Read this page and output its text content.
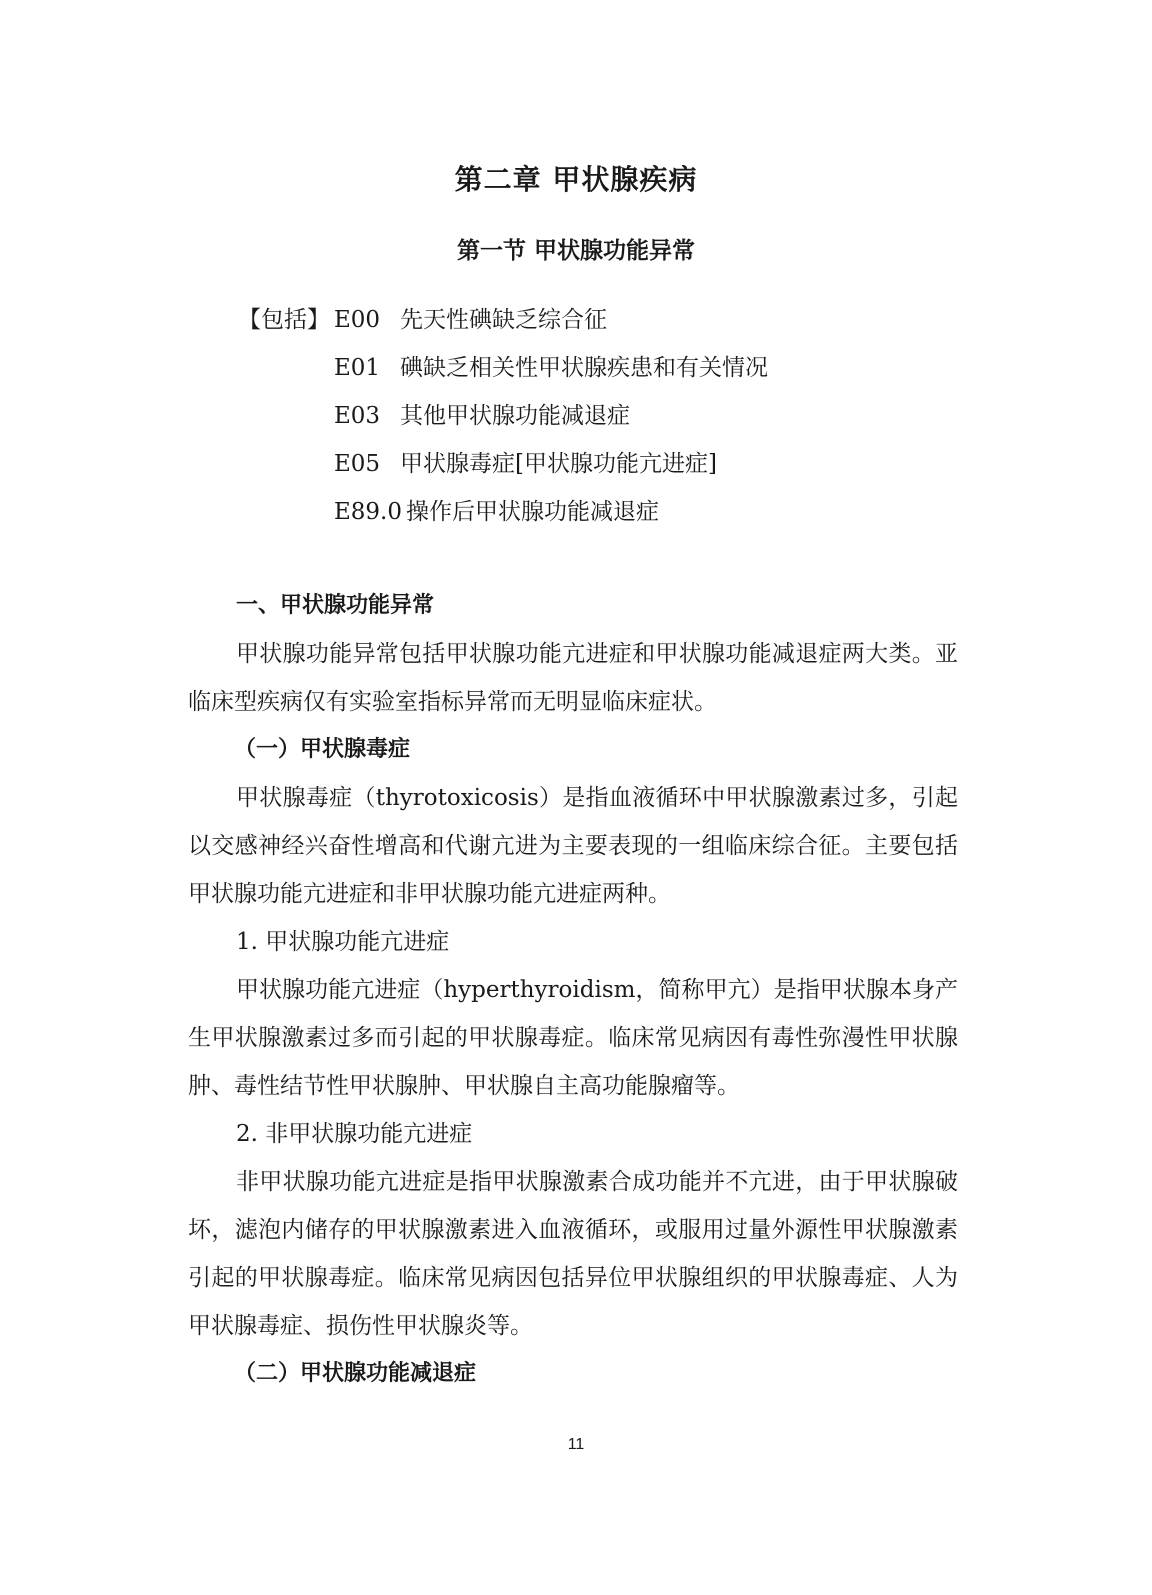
第二章 甲状腺疾病
第一节 甲状腺功能异常
【包括】 E00 先天性碘缺乏综合征
E01 碘缺乏相关性甲状腺疾患和有关情况
E03 其他甲状腺功能减退症
E05 甲状腺毒症[甲状腺功能亢进症]
E89.0 操作后甲状腺功能减退症
一、甲状腺功能异常

甲状腺功能异常包括甲状腺功能亢进症和甲状腺功能减退症两大类。亚临床型疾病仅有实验室指标异常而无明显临床症状。

（一）甲状腺毒症

甲状腺毒症（thyrotoxicosis）是指血液循环中甲状腺激素过多，引起以交感神经兴奋性增高和代谢亢进为主要表现的一组临床综合征。主要包括甲状腺功能亢进症和非甲状腺功能亢进症两种。

1. 甲状腺功能亢进症

甲状腺功能亢进症（hyperthyroidism，简称甲亢）是指甲状腺本身产生甲状腺激素过多而引起的甲状腺毒症。临床常见病因有毒性弥漫性甲状腺肿、毒性结节性甲状腺肿、甲状腺自主高功能腺瘤等。

2. 非甲状腺功能亢进症

非甲状腺功能亢进症是指甲状腺激素合成功能并不亢进，由于甲状腺破坏，滤泡内储存的甲状腺激素进入血液循环，或服用过量外源性甲状腺激素引起的甲状腺毒症。临床常见病因包括异位甲状腺组织的甲状腺毒症、人为甲状腺毒症、损伤性甲状腺炎等。

（二）甲状腺功能减退症
11
